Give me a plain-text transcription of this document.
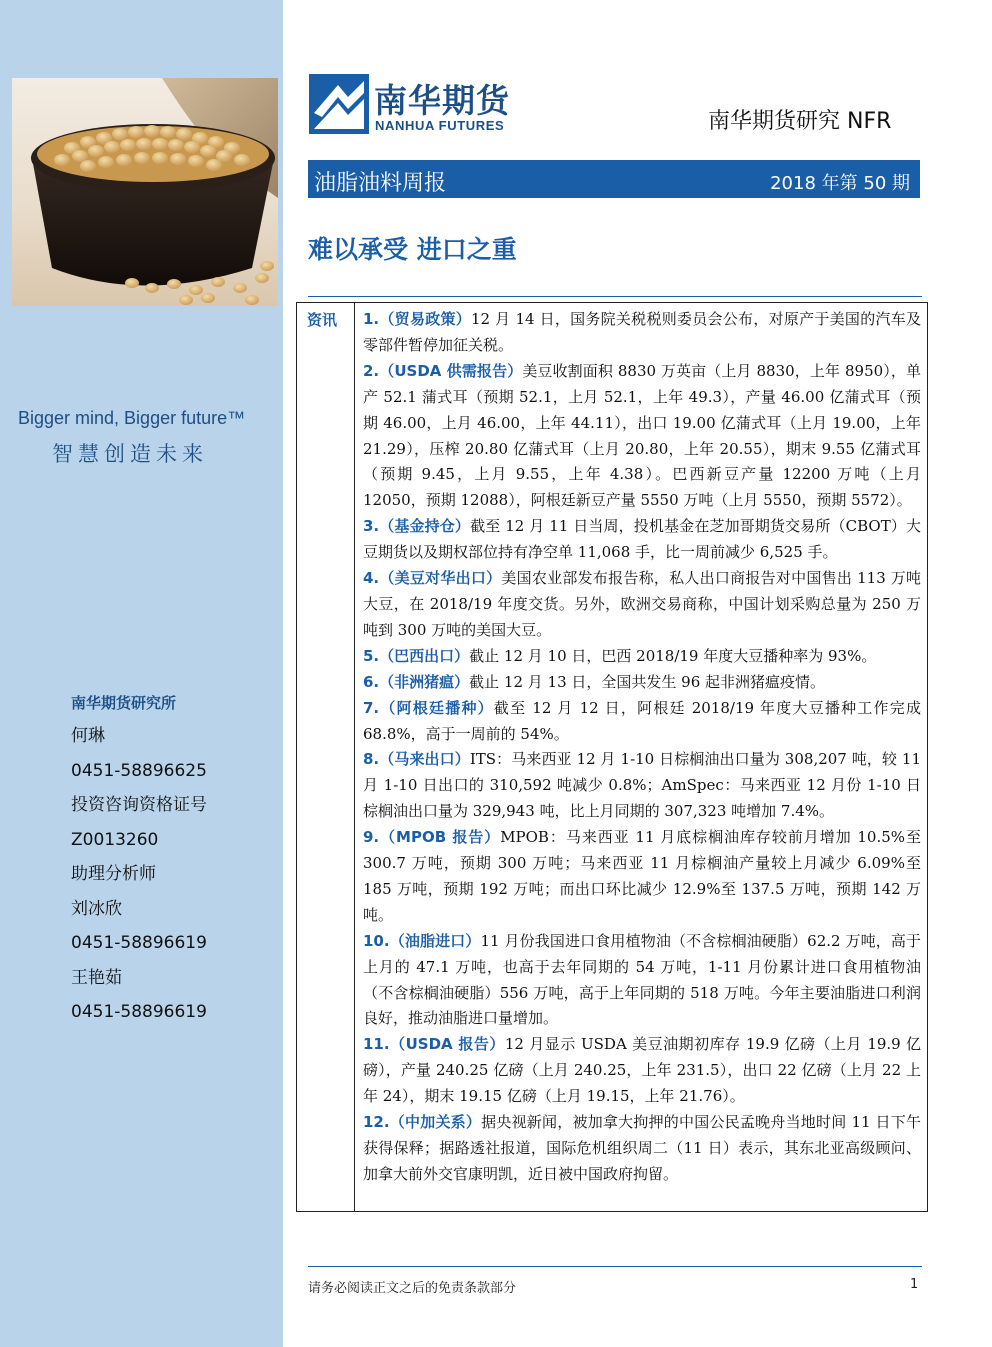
Bigger mind, Bigger future™
智慧创造未来
南华期货研究所
何琳
0451-58896625
投资咨询资格证号
Z0013260
助理分析师
刘冰欣
0451-58896619
王艳茹
0451-58896619
南华期货
NANHUA FUTURES	南华期货研究 NFR
油脂油料周报	2018 年第 50 期
难以承受 进口之重
资讯 1.（贸易政策）12 月 14 日，国务院关税税则委员会公布，对原产于美国的汽车及零部件暂停加征关税。
2.（USDA 供需报告）美豆收割面积 8830 万英亩（上月 8830，上年 8950），单产 52.1 蒲式耳（预期 52.1，上月 52.1，上年 49.3），产量 46.00 亿蒲式耳（预期 46.00，上月 46.00，上年 44.11），出口 19.00 亿蒲式耳（上月 19.00，上年 21.29），压榨 20.80 亿蒲式耳（上月 20.80，上年 20.55），期末 9.55 亿蒲式耳（预期 9.45，上月 9.55，上年 4.38）。巴西新豆产量 12200 万吨（上月 12050，预期 12088），阿根廷新豆产量 5550 万吨（上月 5550，预期 5572）。
3.（基金持仓）截至 12 月 11 日当周，投机基金在芝加哥期货交易所（CBOT）大豆期货以及期权部位持有净空单 11,068 手，比一周前减少 6,525 手。
4.（美豆对华出口）美国农业部发布报告称，私人出口商报告对中国售出 113 万吨大豆，在 2018/19 年度交货。另外，欧洲交易商称，中国计划采购总量为 250 万吨到 300 万吨的美国大豆。
5.（巴西出口）截止 12 月 10 日，巴西 2018/19 年度大豆播种率为 93%。
6.（非洲猪瘟）截止 12 月 13 日，全国共发生 96 起非洲猪瘟疫情。
7.（阿根廷播种）截至 12 月 12 日，阿根廷 2018/19 年度大豆播种工作完成 68.8%，高于一周前的 54%。
8.（马来出口）ITS：马来西亚 12 月 1-10 日棕榈油出口量为 308,207 吨，较 11 月 1-10 日出口的 310,592 吨减少 0.8%；AmSpec：马来西亚 12 月份 1-10 日棕榈油出口量为 329,943 吨，比上月同期的 307,323 吨增加 7.4%。
9.（MPOB 报告）MPOB：马来西亚 11 月底棕榈油库存较前月增加 10.5%至 300.7 万吨，预期 300 万吨；马来西亚 11 月棕榈油产量较上月减少 6.09%至 185 万吨，预期 192 万吨；而出口环比减少 12.9%至 137.5 万吨，预期 142 万吨。
10.（油脂进口）11 月份我国进口食用植物油（不含棕榈油硬脂）62.2 万吨，高于上月的 47.1 万吨，也高于去年同期的 54 万吨，1-11 月份累计进口食用植物油（不含棕榈油硬脂）556 万吨，高于上年同期的 518 万吨。今年主要油脂进口利润良好，推动油脂进口量增加。
11.（USDA 报告）12 月显示 USDA 美豆油期初库存 19.9 亿磅（上月 19.9 亿磅），产量 240.25 亿磅（上月 240.25，上年 231.5），出口 22 亿磅（上月 22 上年 24），期末 19.15 亿磅（上月 19.15，上年 21.76）。
12.（中加关系）据央视新闻，被加拿大拘押的中国公民孟晚舟当地时间 11 日下午获得保释；据路透社报道，国际危机组织周二（11 日）表示，其东北亚高级顾问、加拿大前外交官康明凯，近日被中国政府拘留。
请务必阅读正文之后的免责条款部分	1
